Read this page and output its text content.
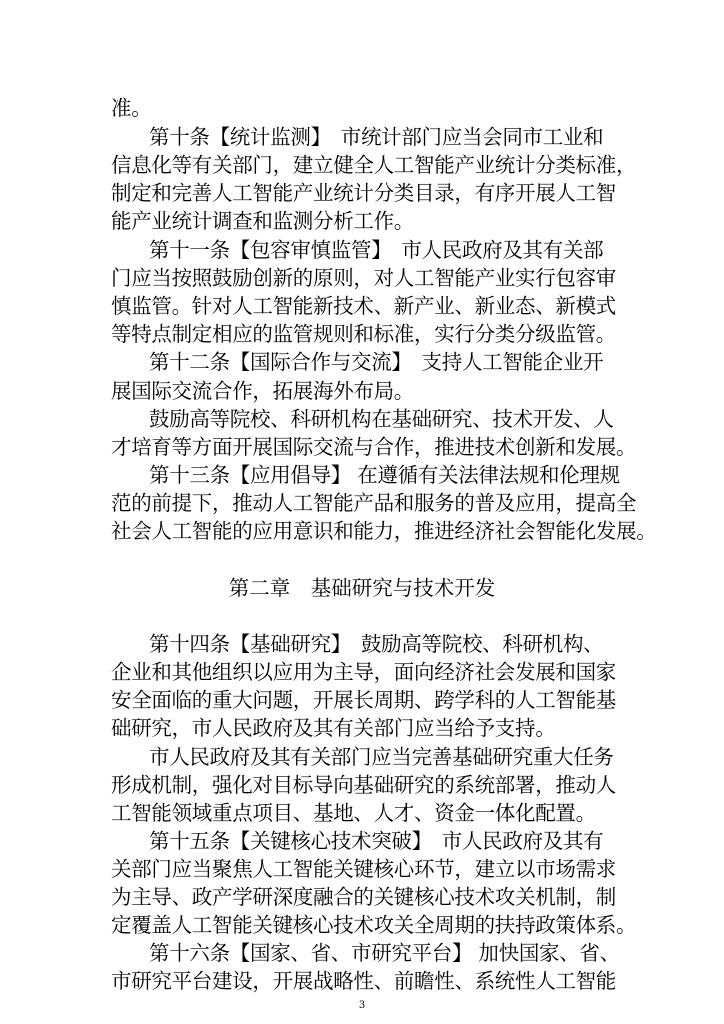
准。
第十条【统计监测】　市统计部门应当会同市工业和
信息化等有关部门，建立健全人工智能产业统计分类标准，
制定和完善人工智能产业统计分类目录，有序开展人工智
能产业统计调查和监测分析工作。
第十一条【包容审慎监管】　市人民政府及其有关部
门应当按照鼓励创新的原则，对人工智能产业实行包容审
慎监管。针对人工智能新技术、新产业、新业态、新模式
等特点制定相应的监管规则和标准，实行分类分级监管。
第十二条【国际合作与交流】　支持人工智能企业开
展国际交流合作，拓展海外布局。
鼓励高等院校、科研机构在基础研究、技术开发、人
才培育等方面开展国际交流与合作，推进技术创新和发展。
第十三条【应用倡导】 在遵循有关法律法规和伦理规
范的前提下，推动人工智能产品和服务的普及应用，提高全
社会人工智能的应用意识和能力，推进经济社会智能化发展。
第二章　基础研究与技术开发
第十四条【基础研究】　鼓励高等院校、科研机构、
企业和其他组织以应用为主导，面向经济社会发展和国家
安全面临的重大问题，开展长周期、跨学科的人工智能基
础研究，市人民政府及其有关部门应当给予支持。
市人民政府及其有关部门应当完善基础研究重大任务
形成机制，强化对目标导向基础研究的系统部署，推动人
工智能领域重点项目、基地、人才、资金一体化配置。
第十五条【关键核心技术突破】　市人民政府及其有
关部门应当聚焦人工智能关键核心环节，建立以市场需求
为主导、政产学研深度融合的关键核心技术攻关机制，制
定覆盖人工智能关键核心技术攻关全周期的扶持政策体系。
第十六条【国家、省、市研究平台】 加快国家、省、
市研究平台建设，开展战略性、前瞻性、系统性人工智能
3
